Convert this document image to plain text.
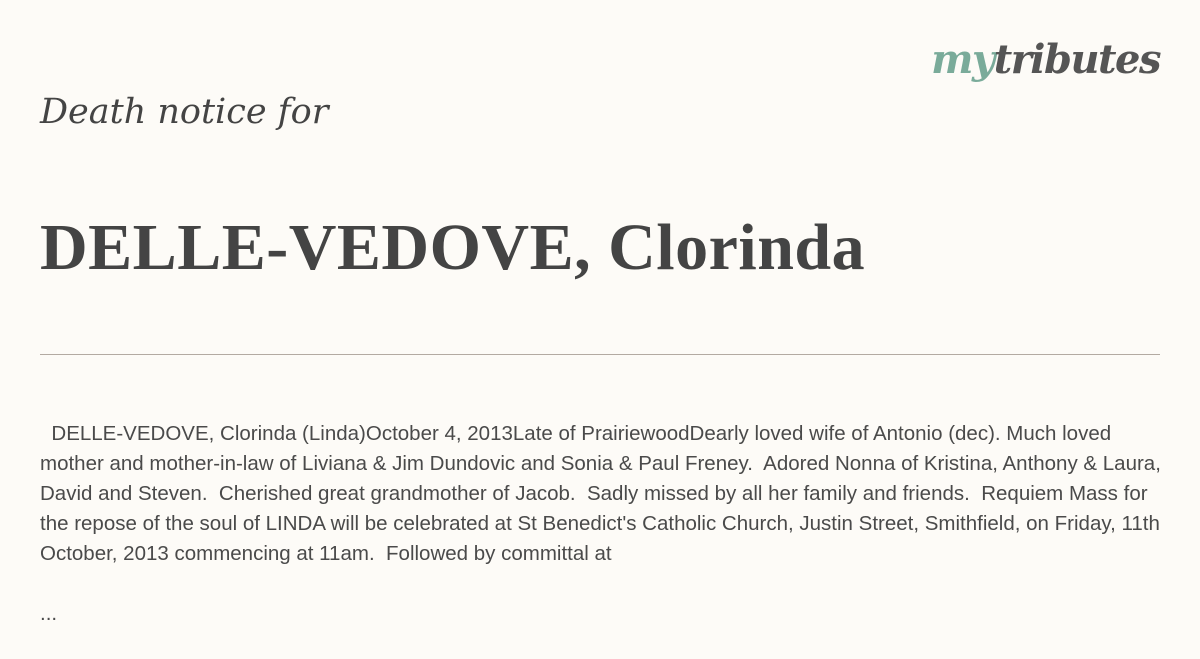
mytributes
Death notice for
DELLE-VEDOVE, Clorinda

DELLE-VEDOVE, Clorinda (Linda)October 4, 2013Late of PrairiewoodDearly loved wife of Antonio (dec). Much loved mother and mother-in-law of Liviana & Jim Dundovic and Sonia & Paul Freney.  Adored Nonna of Kristina, Anthony & Laura, David and Steven.  Cherished great grandmother of Jacob.  Sadly missed by all her family and friends.  Requiem Mass for the repose of the soul of LINDA will be celebrated at St Benedict's Catholic Church, Justin Street, Smithfield, on Friday, 11th October, 2013 commencing at 11am.  Followed by committal at

...
